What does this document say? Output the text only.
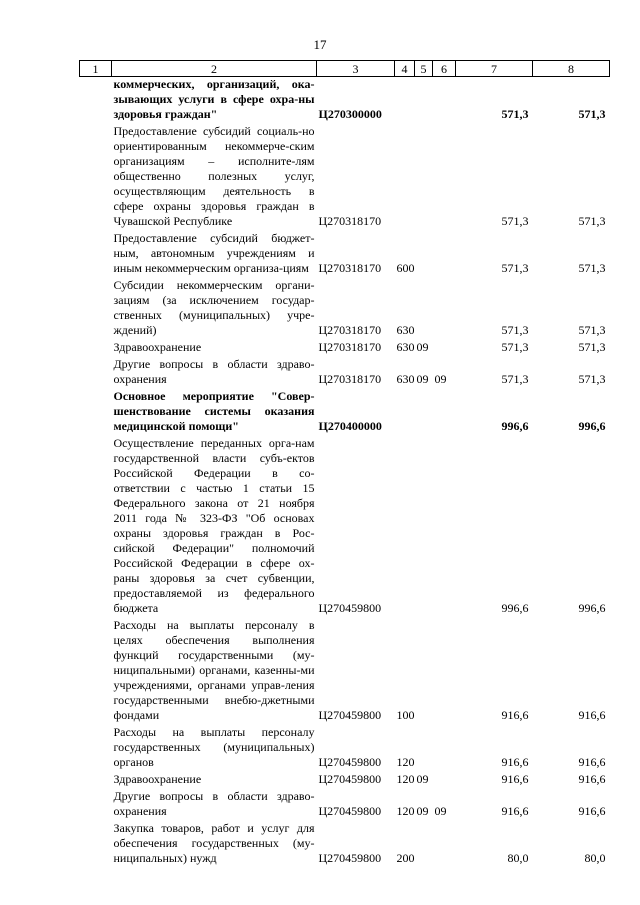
17
1	2	3	4	5	6	7	8
	коммерческих, организаций, ока-зывающих услуги в сфере охра-ны здоровья граждан"	Ц270300000				571,3	571,3
	Предоставление субсидий социаль-но ориентированным некоммерче-ским организациям – исполните-лям общественно полезных услуг, осуществляющим деятельность в сфере охраны здоровья граждан в Чувашской Республике	Ц270318170				571,3	571,3
	Предоставление субсидий бюджет-ным, автономным учреждениям и иным некоммерческим организа-циям	Ц270318170	600			571,3	571,3
	Субсидии некоммерческим органи-зациям (за исключением государ-ственных (муниципальных) учре-ждений)	Ц270318170	630			571,3	571,3
	Здравоохранение	Ц270318170	630	09		571,3	571,3
	Другие вопросы в области здраво-охранения	Ц270318170	630	09	09	571,3	571,3
	Основное мероприятие "Совер-шенствование системы оказания медицинской помощи"	Ц270400000				996,6	996,6
	Осуществление переданных орга-нам государственной власти субъ-ектов Российской Федерации в со-ответствии с частью 1 статьи 15 Федерального закона от 21 ноября 2011 года № 323-ФЗ "Об основах охраны здоровья граждан в Рос-сийской Федерации" полномочий Российской Федерации в сфере ох-раны здоровья за счет субвенции, предоставляемой из федерального бюджета	Ц270459800				996,6	996,6
	Расходы на выплаты персоналу в целях обеспечения выполнения функций государственными (му-ниципальными) органами, казенны-ми учреждениями, органами управ-ления государственными внебю-джетными фондами	Ц270459800	100			916,6	916,6
	Расходы на выплаты персоналу государственных (муниципальных) органов	Ц270459800	120			916,6	916,6
	Здравоохранение	Ц270459800	120	09		916,6	916,6
	Другие вопросы в области здраво-охранения	Ц270459800	120	09	09	916,6	916,6
	Закупка товаров, работ и услуг для обеспечения государственных (му-ниципальных) нужд	Ц270459800	200			80,0	80,0
